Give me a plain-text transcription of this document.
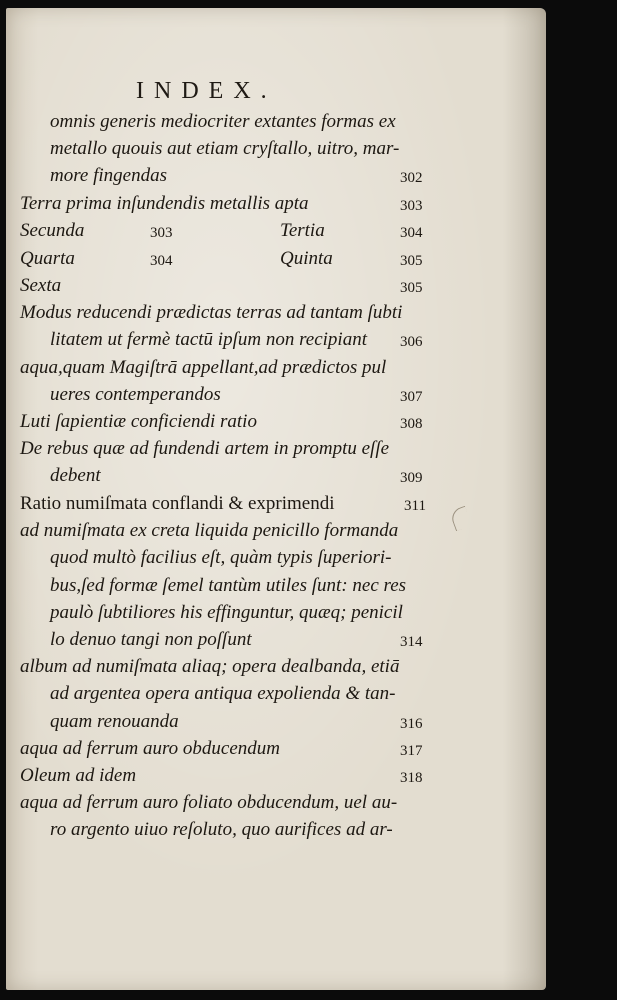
INDEX.
omnis generis mediocriter extantes formas ex
metallo quouis aut etiam cryſtallo, uitro, mar-
more fingendas	302
Terra prima inſundendis metallis apta	303
Secunda	303	Tertia	304
Quarta	304	Quinta	305
Sexta	305
Modus reducendi prædictas terras ad tantam ſubti
litatem ut fermè tactū ipſum non recipiant 306
aqua,quam Magiſtrā appellant,ad prædictos pul
ueres contemperandos	307
Luti ſapientiæ conficiendi ratio	308
De rebus quæ ad fundendi artem in promptu eſſe
debent	309
Ratio numiſmata conflandi & exprimendi	311
ad numiſmata ex creta liquida penicillo formanda
quod multò facilius eſt, quàm typis ſuperiori-
bus,ſed formæ ſemel tantùm utiles ſunt: nec res
paulò ſubtiliores his effinguntur, quæq; penicil
lo denuo tangi non poſſunt	314
album ad numiſmata aliaq; opera dealbanda, etiā
ad argentea opera antiqua expolienda & tan-
quam renouanda	316
aqua ad ferrum auro obducendum	317
Oleum ad idem	318
aqua ad ferrum auro foliato obducendum, uel au-
ro argento uiuo reſoluto, quo aurifices ad ar-
